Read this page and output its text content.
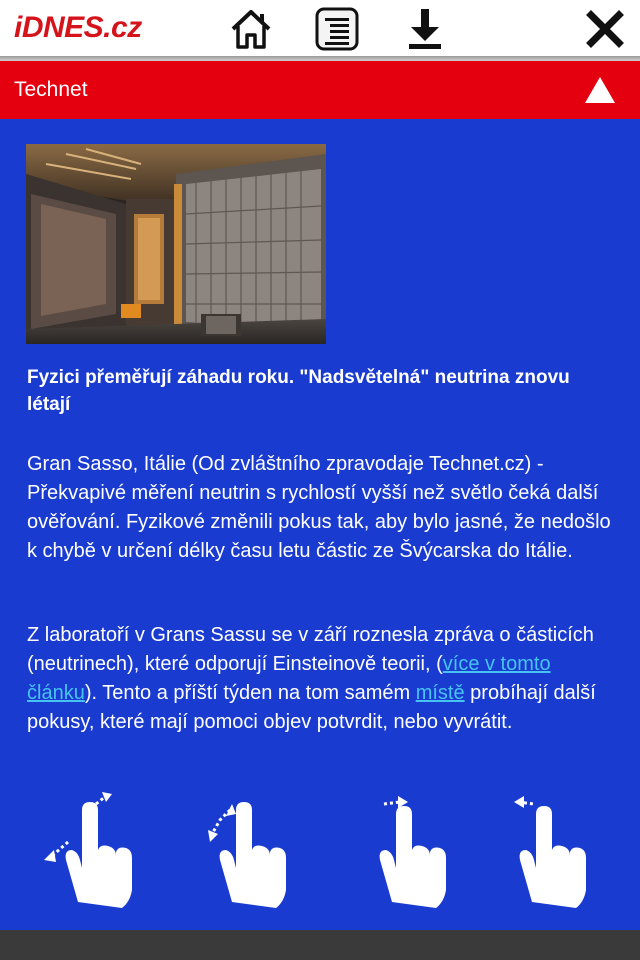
iDNES.cz
Technet
Fyzici přeměřují záhadu roku. "Nadsvětelná" neutrina znovu létají

Gran Sasso, Itálie (Od zvláštního zpravodaje Technet.cz) - Překvapivé měření neutrin s rychlostí vyšší než světlo čeká další ověřování. Fyzikové změnili pokus tak, aby bylo jasné, že nedošlo k chybě v určení délky času letu částic ze Švýcarska do Itálie.

Z laboratoří v Grans Sassu se v září roznesla zpráva o částicích (neutrinech), které odporují Einsteinově teorii, (více v tomto článku). Tento a příští týden na tom samém místě probíhají další pokusy, které mají pomoci objev potvrdit, nebo vyvrátit.
